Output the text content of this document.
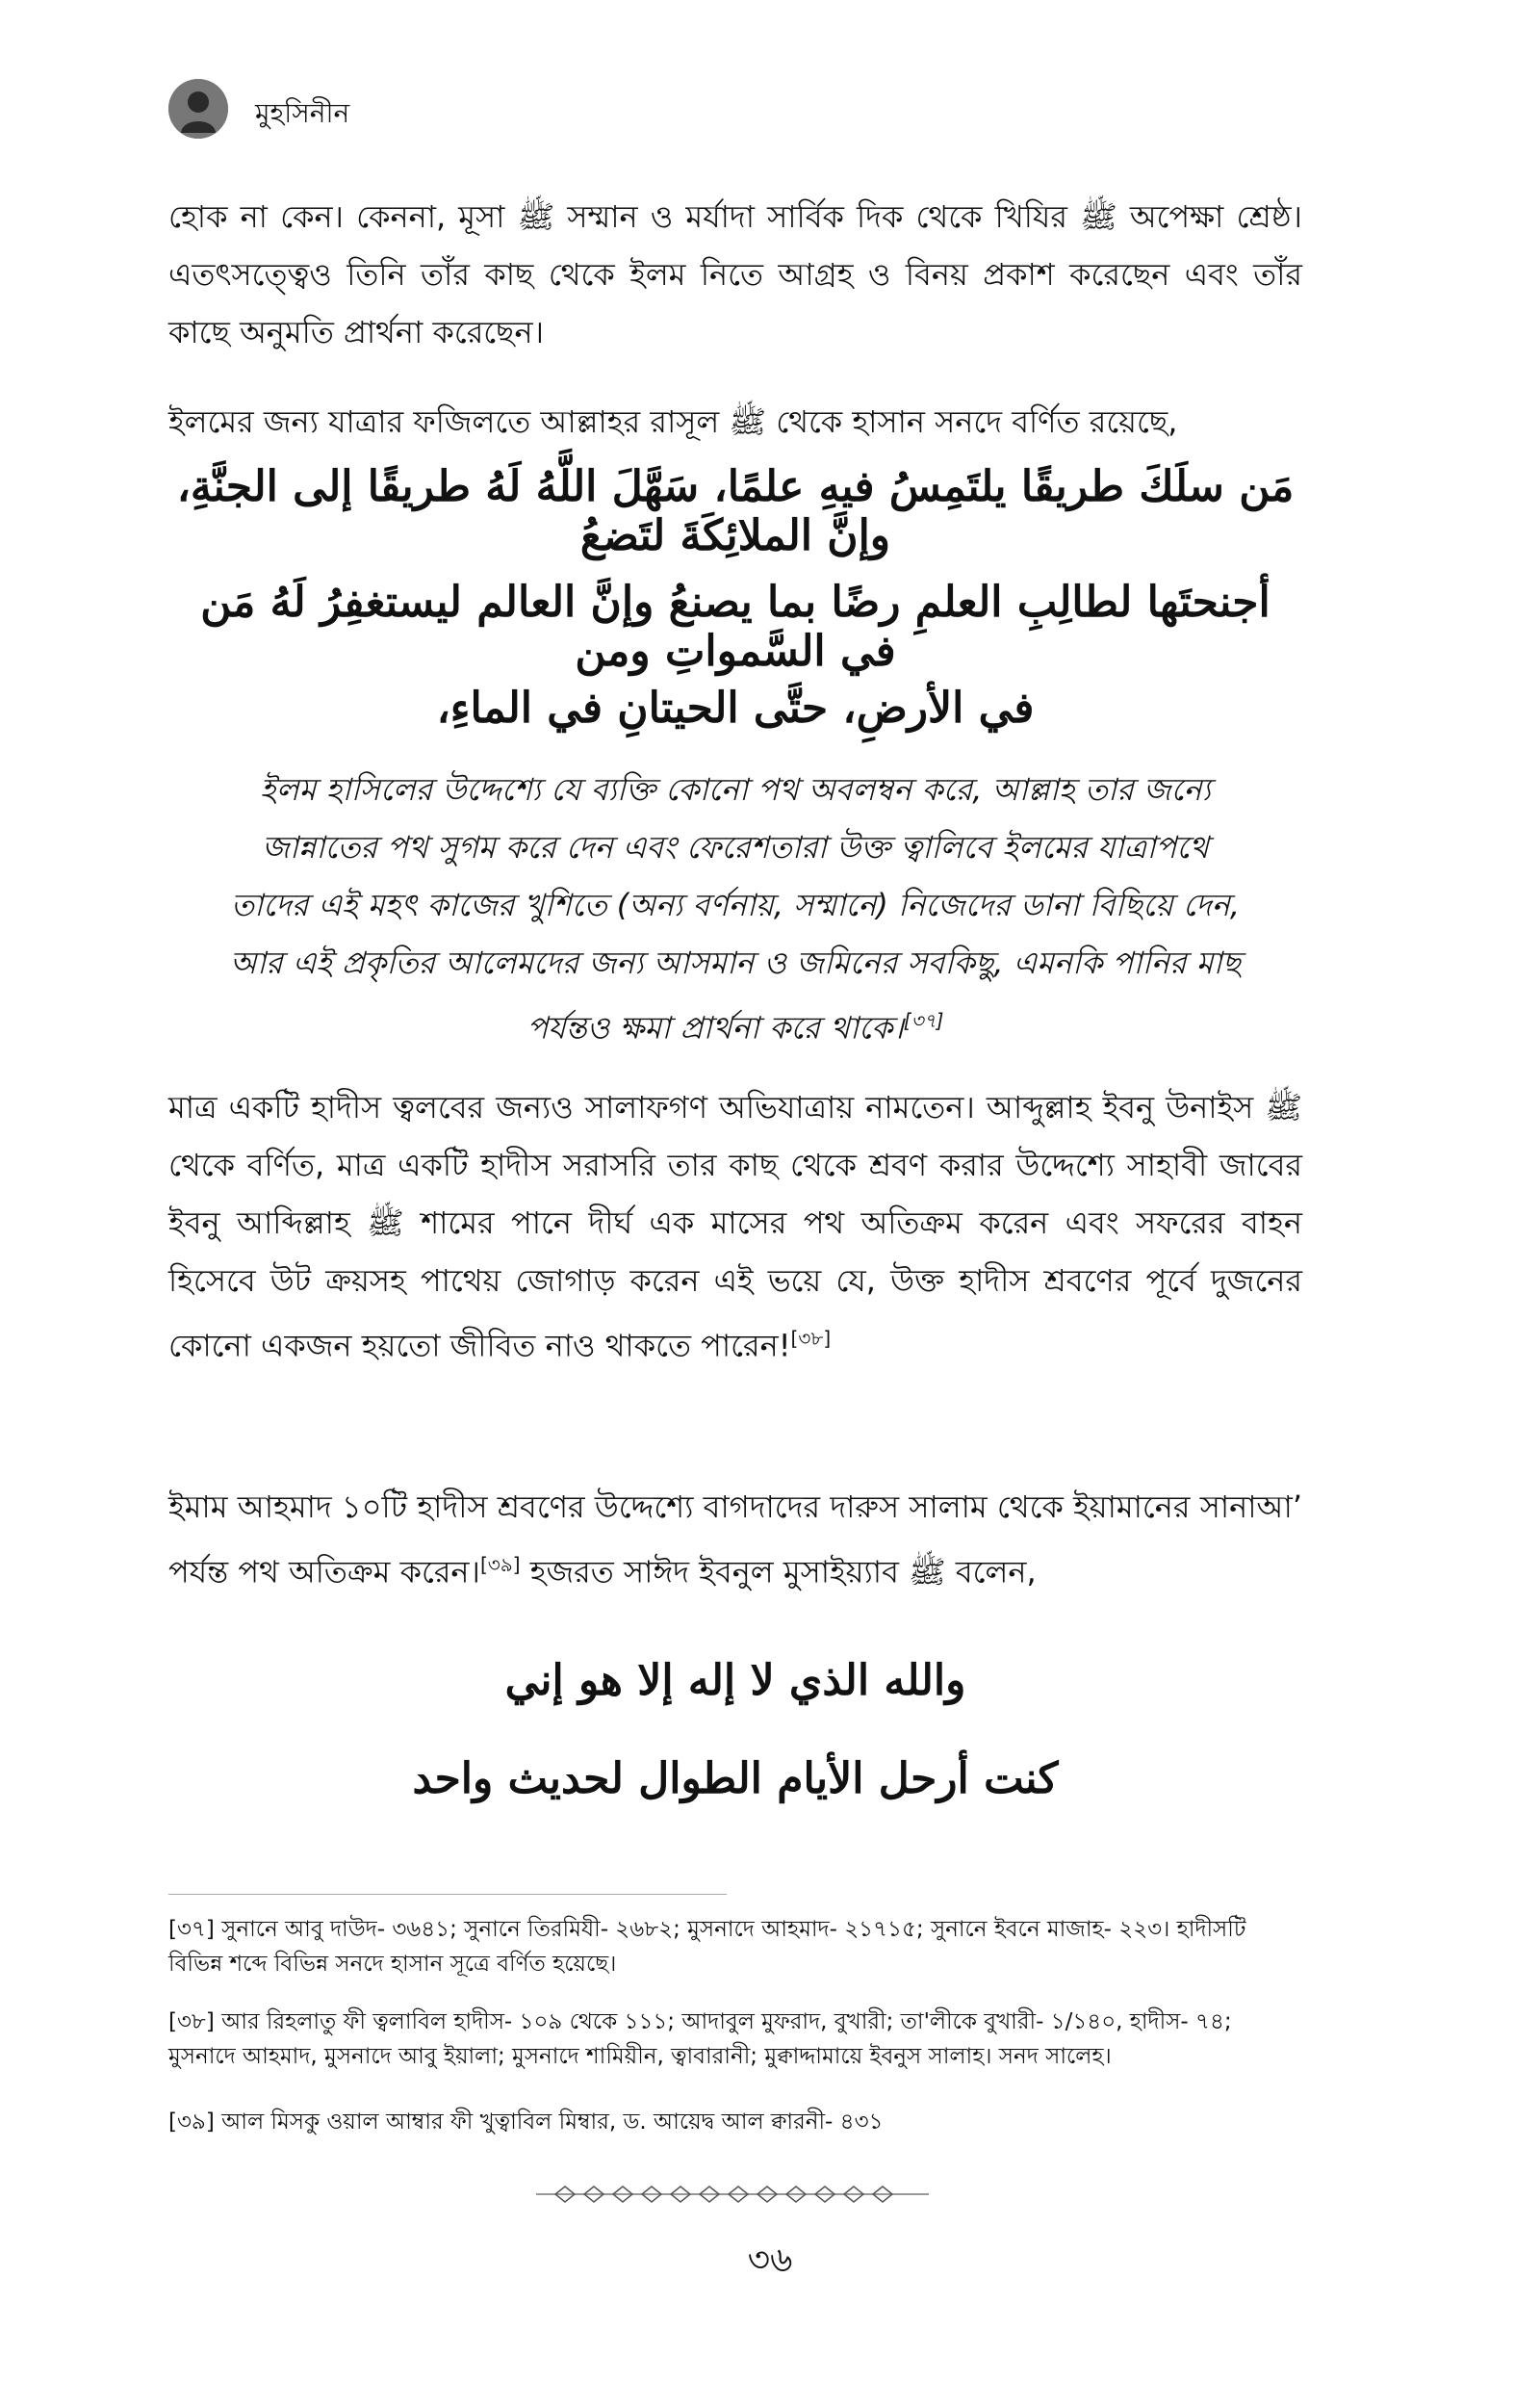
মুহসিনীন
হোক না কেন। কেননা, মূসা ﷺ সম্মান ও মর্যাদা সার্বিক দিক থেকে খিযির ﷺ অপেক্ষা শ্রেষ্ঠ। এতৎসত্ত্বেও তিনি তাঁর কাছ থেকে ইলম নিতে আগ্রহ ও বিনয় প্রকাশ করেছেন এবং তাঁর কাছে অনুমতি প্রার্থনা করেছেন।
ইলমের জন্য যাত্রার ফজিলতে আল্লাহর রাসূল ﷺ থেকে হাসান সনদে বর্ণিত রয়েছে,
مَن سلَكَ طريقًا يلتَمِسُ فيهِ علمًا، سَهَّلَ اللَّهُ لَهُ طريقًا إلى الجنَّةِ، وإنَّ الملائِكَةَ لتَضعُ
أجنحتَها لطالِبِ العلمِ رضًا بما يصنعُ وإنَّ العالم ليستغفِرُ لَهُ مَن في السَّمواتِ ومن
في الأرضِ، حتَّى الحيتانِ في الماءِ،
ইলম হাসিলের উদ্দেশ্যে যে ব্যক্তি কোনো পথ অবলম্বন করে, আল্লাহ তার জন্যে
জান্নাতের পথ সুগম করে দেন এবং ফেরেশতারা উক্ত ত্বালিবে ইলমের যাত্রাপথে
তাদের এই মহৎ কাজের খুশিতে (অন্য বর্ণনায়, সম্মানে) নিজেদের ডানা বিছিয়ে দেন,
আর এই প্রকৃতির আলেমদের জন্য আসমান ও জমিনের সবকিছু, এমনকি পানির মাছ
পর্যন্তও ক্ষমা প্রার্থনা করে থাকে।[৩৭]
মাত্র একটি হাদীস ত্বলবের জন্যও সালাফগণ অভিযাত্রায় নামতেন। আব্দুল্লাহ ইবনু উনাইস ﷺ থেকে বর্ণিত, মাত্র একটি হাদীস সরাসরি তার কাছ থেকে শ্রবণ করার উদ্দেশ্যে সাহাবী জাবের ইবনু আব্দিল্লাহ ﷺ শামের পানে দীর্ঘ এক মাসের পথ অতিক্রম করেন এবং সফরের বাহন হিসেবে উট ক্রয়সহ পাথেয় জোগাড় করেন এই ভয়ে যে, উক্ত হাদীস শ্রবণের পূর্বে দুজনের কোনো একজন হয়তো জীবিত নাও থাকতে পারেন![৩৮]
ইমাম আহমাদ ১০টি হাদীস শ্রবণের উদ্দেশ্যে বাগদাদের দারুস সালাম থেকে ইয়ামানের সানাআ’ পর্যন্ত পথ অতিক্রম করেন।[৩৯] হজরত সাঈদ ইবনুল মুসাইয়্যাব ﷺ বলেন,
والله الذي لا إله إلا هو إني
كنت أرحل الأيام الطوال لحديث واحد
[৩৭] সুনানে আবু দাউদ- ৩৬৪১; সুনানে তিরমিযী- ২৬৮২; মুসনাদে আহমাদ- ২১৭১৫; সুনানে ইবনে মাজাহ- ২২৩। হাদীসটি বিভিন্ন শব্দে বিভিন্ন সনদে হাসান সূত্রে বর্ণিত হয়েছে।
[৩৮] আর রিহলাতু ফী ত্বলাবিল হাদীস- ১০৯ থেকে ১১১; আদাবুল মুফরাদ, বুখারী; তা'লীকে বুখারী- ১/১৪০, হাদীস- ৭৪; মুসনাদে আহমাদ, মুসনাদে আবু ইয়ালা; মুসনাদে শামিয়ীন, ত্বাবারানী; মুক্বাদ্দামায়ে ইবনুস সালাহ। সনদ সালেহ।
[৩৯] আল মিসকু ওয়াল আম্বার ফী খুত্বাবিল মিম্বার, ড. আয়েদ্ব আল ক্বারনী- ৪৩১
৩৬
